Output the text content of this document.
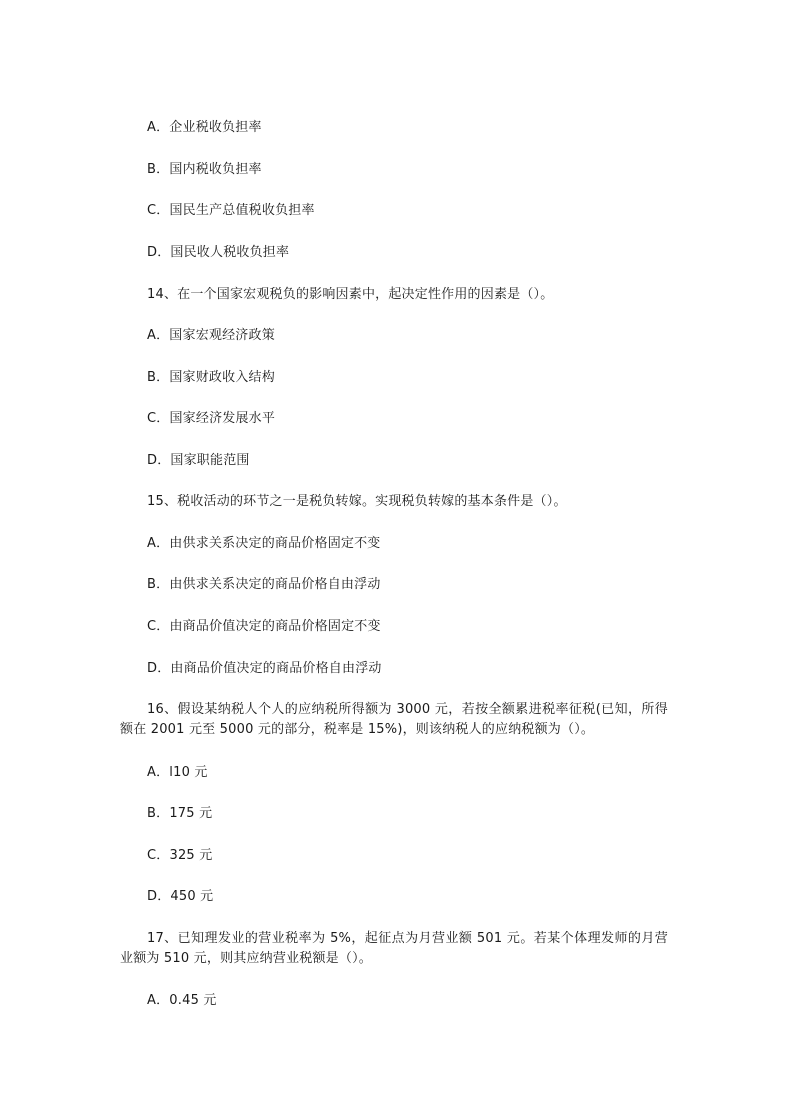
A．企业税收负担率
B．国内税收负担率
C．国民生产总值税收负担率
D．国民收人税收负担率
14、在一个国家宏观税负的影响因素中，起决定性作用的因素是（）。
A．国家宏观经济政策
B．国家财政收入结构
C．国家经济发展水平
D．国家职能范围
15、税收活动的环节之一是税负转嫁。实现税负转嫁的基本条件是（）。
A．由供求关系决定的商品价格固定不变
B．由供求关系决定的商品价格自由浮动
C．由商品价值决定的商品价格固定不变
D．由商品价值决定的商品价格自由浮动
16、假设某纳税人个人的应纳税所得额为 3000 元，若按全额累进税率征税(已知，所得额在 2001 元至 5000 元的部分，税率是 15%)，则该纳税人的应纳税额为（）。
A．l10 元
B．175 元
C．325 元
D．450 元
17、已知理发业的营业税率为 5%，起征点为月营业额 501 元。若某个体理发师的月营业额为 510 元，则其应纳营业税额是（）。
A．0.45 元
